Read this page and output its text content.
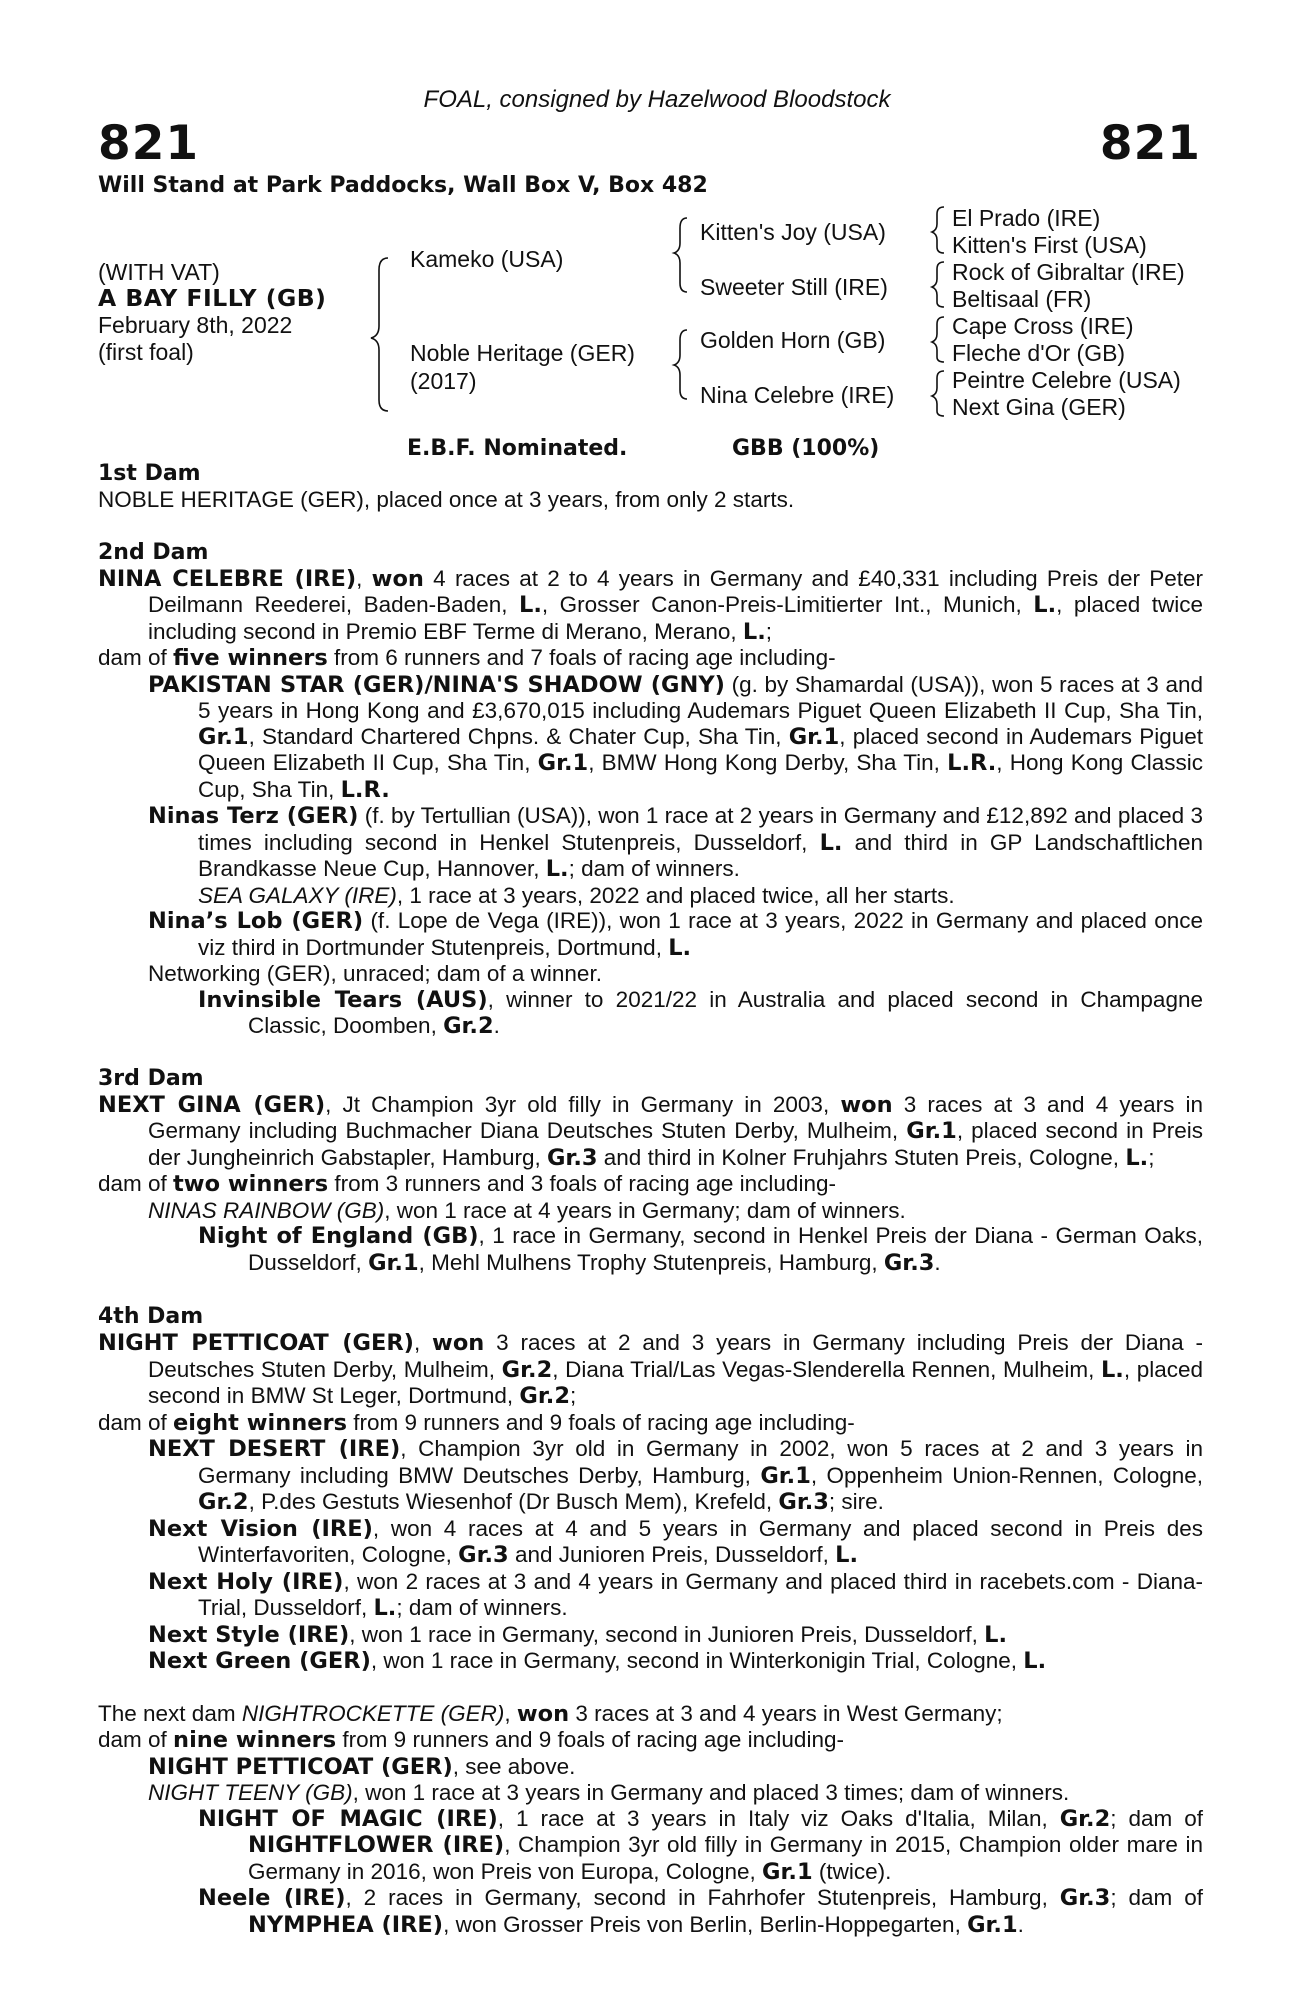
FOAL, consigned by Hazelwood Bloodstock
821	821
Will Stand at Park Paddocks, Wall Box V, Box 482
(WITH VAT)
A BAY FILLY (GB)
February 8th, 2022
(first foal)
Kameko (USA)
Noble Heritage (GER)
(2017)
Kitten's Joy (USA)
Sweeter Still (IRE)
Golden Horn (GB)
Nina Celebre (IRE)
El Prado (IRE)
Kitten's First (USA)
Rock of Gibraltar (IRE)
Beltisaal (FR)
Cape Cross (IRE)
Fleche d'Or (GB)
Peintre Celebre (USA)
Next Gina (GER)
E.B.F. Nominated.	GBB (100%)
1st Dam

NOBLE HERITAGE (GER), placed once at 3 years, from only 2 starts.

2nd Dam

NINA CELEBRE (IRE), won 4 races at 2 to 4 years in Germany and £40,331 including Preis der Peter Deilmann Reederei, Baden-Baden, L., Grosser Canon-Preis-Limitierter Int., Munich, L., placed twice including second in Premio EBF Terme di Merano, Merano, L.;

dam of five winners from 6 runners and 7 foals of racing age including-

PAKISTAN STAR (GER)/NINA'S SHADOW (GNY) (g. by Shamardal (USA)), won 5 races at 3 and 5 years in Hong Kong and £3,670,015 including Audemars Piguet Queen Elizabeth II Cup, Sha Tin, Gr.1, Standard Chartered Chpns. & Chater Cup, Sha Tin, Gr.1, placed second in Audemars Piguet Queen Elizabeth II Cup, Sha Tin, Gr.1, BMW Hong Kong Derby, Sha Tin, L.R., Hong Kong Classic Cup, Sha Tin, L.R.

Ninas Terz (GER) (f. by Tertullian (USA)), won 1 race at 2 years in Germany and £12,892 and placed 3 times including second in Henkel Stutenpreis, Dusseldorf, L. and third in GP Landschaftlichen Brandkasse Neue Cup, Hannover, L.; dam of winners.

SEA GALAXY (IRE), 1 race at 3 years, 2022 and placed twice, all her starts.

Nina’s Lob (GER) (f. Lope de Vega (IRE)), won 1 race at 3 years, 2022 in Germany and placed once viz third in Dortmunder Stutenpreis, Dortmund, L.

Networking (GER), unraced; dam of a winner.

Invinsible Tears (AUS), winner to 2021/22 in Australia and placed second in Champagne Classic, Doomben, Gr.2.

3rd Dam

NEXT GINA (GER), Jt Champion 3yr old filly in Germany in 2003, won 3 races at 3 and 4 years in Germany including Buchmacher Diana Deutsches Stuten Derby, Mulheim, Gr.1, placed second in Preis der Jungheinrich Gabstapler, Hamburg, Gr.3 and third in Kolner Fruhjahrs Stuten Preis, Cologne, L.;

dam of two winners from 3 runners and 3 foals of racing age including-

NINAS RAINBOW (GB), won 1 race at 4 years in Germany; dam of winners.

Night of England (GB), 1 race in Germany, second in Henkel Preis der Diana - German Oaks, Dusseldorf, Gr.1, Mehl Mulhens Trophy Stutenpreis, Hamburg, Gr.3.

4th Dam

NIGHT PETTICOAT (GER), won 3 races at 2 and 3 years in Germany including Preis der Diana - Deutsches Stuten Derby, Mulheim, Gr.2, Diana Trial/Las Vegas-Slenderella Rennen, Mulheim, L., placed second in BMW St Leger, Dortmund, Gr.2;

dam of eight winners from 9 runners and 9 foals of racing age including-

NEXT DESERT (IRE), Champion 3yr old in Germany in 2002, won 5 races at 2 and 3 years in Germany including BMW Deutsches Derby, Hamburg, Gr.1, Oppenheim Union-Rennen, Cologne, Gr.2, P.des Gestuts Wiesenhof (Dr Busch Mem), Krefeld, Gr.3; sire.

Next Vision (IRE), won 4 races at 4 and 5 years in Germany and placed second in Preis des Winterfavoriten, Cologne, Gr.3 and Junioren Preis, Dusseldorf, L.

Next Holy (IRE), won 2 races at 3 and 4 years in Germany and placed third in racebets.com - Diana-Trial, Dusseldorf, L.; dam of winners.

Next Style (IRE), won 1 race in Germany, second in Junioren Preis, Dusseldorf, L.

Next Green (GER), won 1 race in Germany, second in Winterkonigin Trial, Cologne, L.

The next dam NIGHTROCKETTE (GER), won 3 races at 3 and 4 years in West Germany;

dam of nine winners from 9 runners and 9 foals of racing age including-

NIGHT PETTICOAT (GER), see above.

NIGHT TEENY (GB), won 1 race at 3 years in Germany and placed 3 times; dam of winners.

NIGHT OF MAGIC (IRE), 1 race at 3 years in Italy viz Oaks d'Italia, Milan, Gr.2; dam of NIGHTFLOWER (IRE), Champion 3yr old filly in Germany in 2015, Champion older mare in Germany in 2016, won Preis von Europa, Cologne, Gr.1 (twice).

Neele (IRE), 2 races in Germany, second in Fahrhofer Stutenpreis, Hamburg, Gr.3; dam of NYMPHEA (IRE), won Grosser Preis von Berlin, Berlin-Hoppegarten, Gr.1.
